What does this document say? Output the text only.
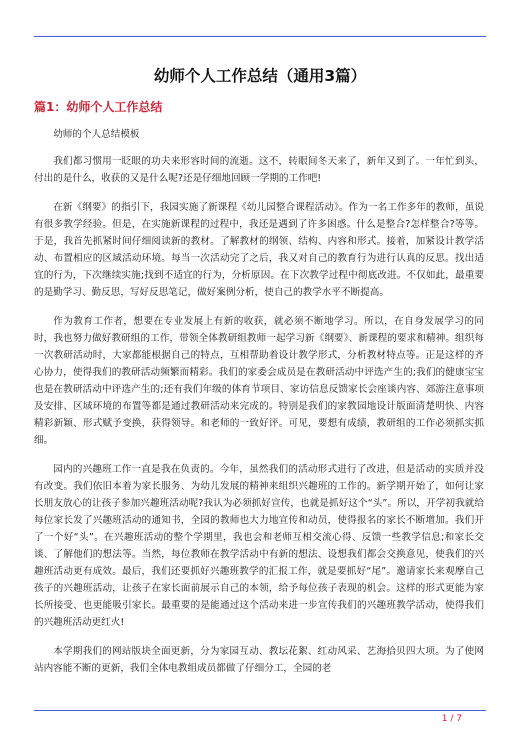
幼师个人工作总结（通用3篇）
篇1：幼师个人工作总结

幼师的个人总结模板

我们都习惯用一眨眼的功夫来形容时间的流逝。这不，转眼间冬天来了，新年又到了。一年忙到头，付出的是什么，收获的又是什么呢?还是仔细地回顾一学期的工作吧!

在新《纲要》的指引下，我园实施了新课程《幼儿园整合课程活动》。作为一名工作多年的教师，虽说有很多教学经验。但是，在实施新课程的过程中，我还是遇到了许多困惑。什么是整合?怎样整合?等等。于是，我首先抓紧时间仔细阅读新的教材。了解教材的纲领、结构、内容和形式。接着，加紧设计教学活动、布置相应的区域活动环境。每当一次活动完了之后，我又对自己的教育行为进行认真的反思。找出适宜的行为，下次继续实施;找到不适宜的行为，分析原因。在下次教学过程中彻底改进。不仅如此，最重要的是勤学习、勤反思，写好反思笔记，做好案例分析，使自己的教学水平不断提高。

作为教育工作者，想要在专业发展上有新的收获，就必须不断地学习。所以，在自身发展学习的同时，我也努力做好教研组的工作，带领全体教研组教师一起学习新《纲要》、新课程的要求和精神。组织每一次教研活动时，大家都能根据自己的特点，互相帮助着设计教学形式，分析教材特点等。正是这样的齐心协力，使得我们的教研活动频繁而精彩。我们的家委会成员是在教研活动中评选产生的;我们的健康宝宝也是在教研活动中评选产生的;还有我们年级的体育节项目、家访信息反馈家长会座谈内容、郊游注意事项及安排、区域环境的布置等都是通过教研活动来完成的。特别是我们的家教园地设计版面清楚明快、内容精彩新颖、形式赋予变换，获得领导。和老师的一致好评。可见，要想有成绩，教研组的工作必须抓实抓细。

园内的兴趣班工作一直是我在负责的。今年，虽然我们的活动形式进行了改进，但是活动的实质并没有改变。我们依旧本着为家长服务、为幼儿发展的精神来组织兴趣班的工作的。新学期开始了，如何让家长朋友放心的让孩子参加兴趣班活动呢?我认为必须抓好宣传，也就是抓好这个“头”。所以，开学初我就给每位家长发了兴趣班活动的通知书，全园的教师也大力地宣传和动员，使得报名的家长不断增加。我们开了一个好“头”。在兴趣班活动的整个学期里，我也会和老师互相交流心得、反馈一些教学信息;和家长交谈、了解他们的想法等。当然，每位教师在教学活动中有新的想法、设想我们都会交换意见，使我们的兴趣班活动更有成效。最后，我们还要抓好兴趣班教学的汇报工作，就是要抓好“尾”。邀请家长来观摩自己孩子的兴趣班活动，让孩子在家长面前展示自己的本领，给予每位孩子表现的机会。这样的形式更能为家长所接受、也更能吸引家长。最重要的是能通过这个活动来进一步宣传我们的兴趣班教学活动，使得我们的兴趣班活动更红火!

本学期我们的网站版块全面更新，分为家园互动、教坛花絮、红动风采、艺海拾贝四大项。为了使网站内容能不断的更新，我们全体电教组成员都做了仔细分工，全园的老

1 / 7
